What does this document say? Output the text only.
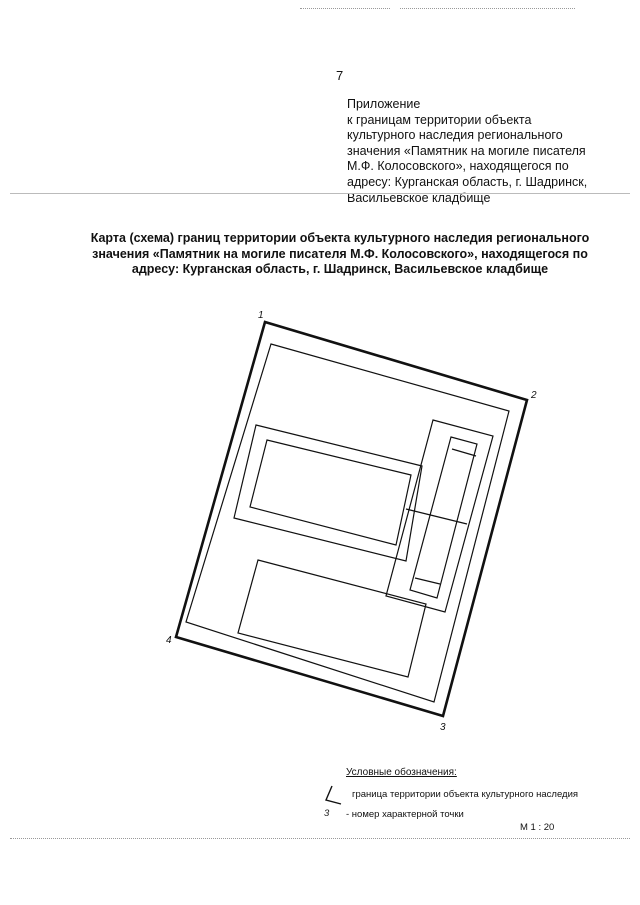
7
Приложение
к границам территории объекта
культурного наследия регионального
значения «Памятник на могиле писателя
М.Ф. Колосовского», находящегося по
адресу: Курганская область, г. Шадринск,
Васильевское кладбище
Карта (схема) границ территории объекта культурного наследия регионального
значения «Памятник на могиле писателя М.Ф. Колосовского», находящегося по
адресу: Курганская область, г. Шадринск, Васильевское кладбище
1
2
3
4
Условные обозначения:
граница территории объекта культурного наследия
3 - номер характерной точки
М 1 : 20
